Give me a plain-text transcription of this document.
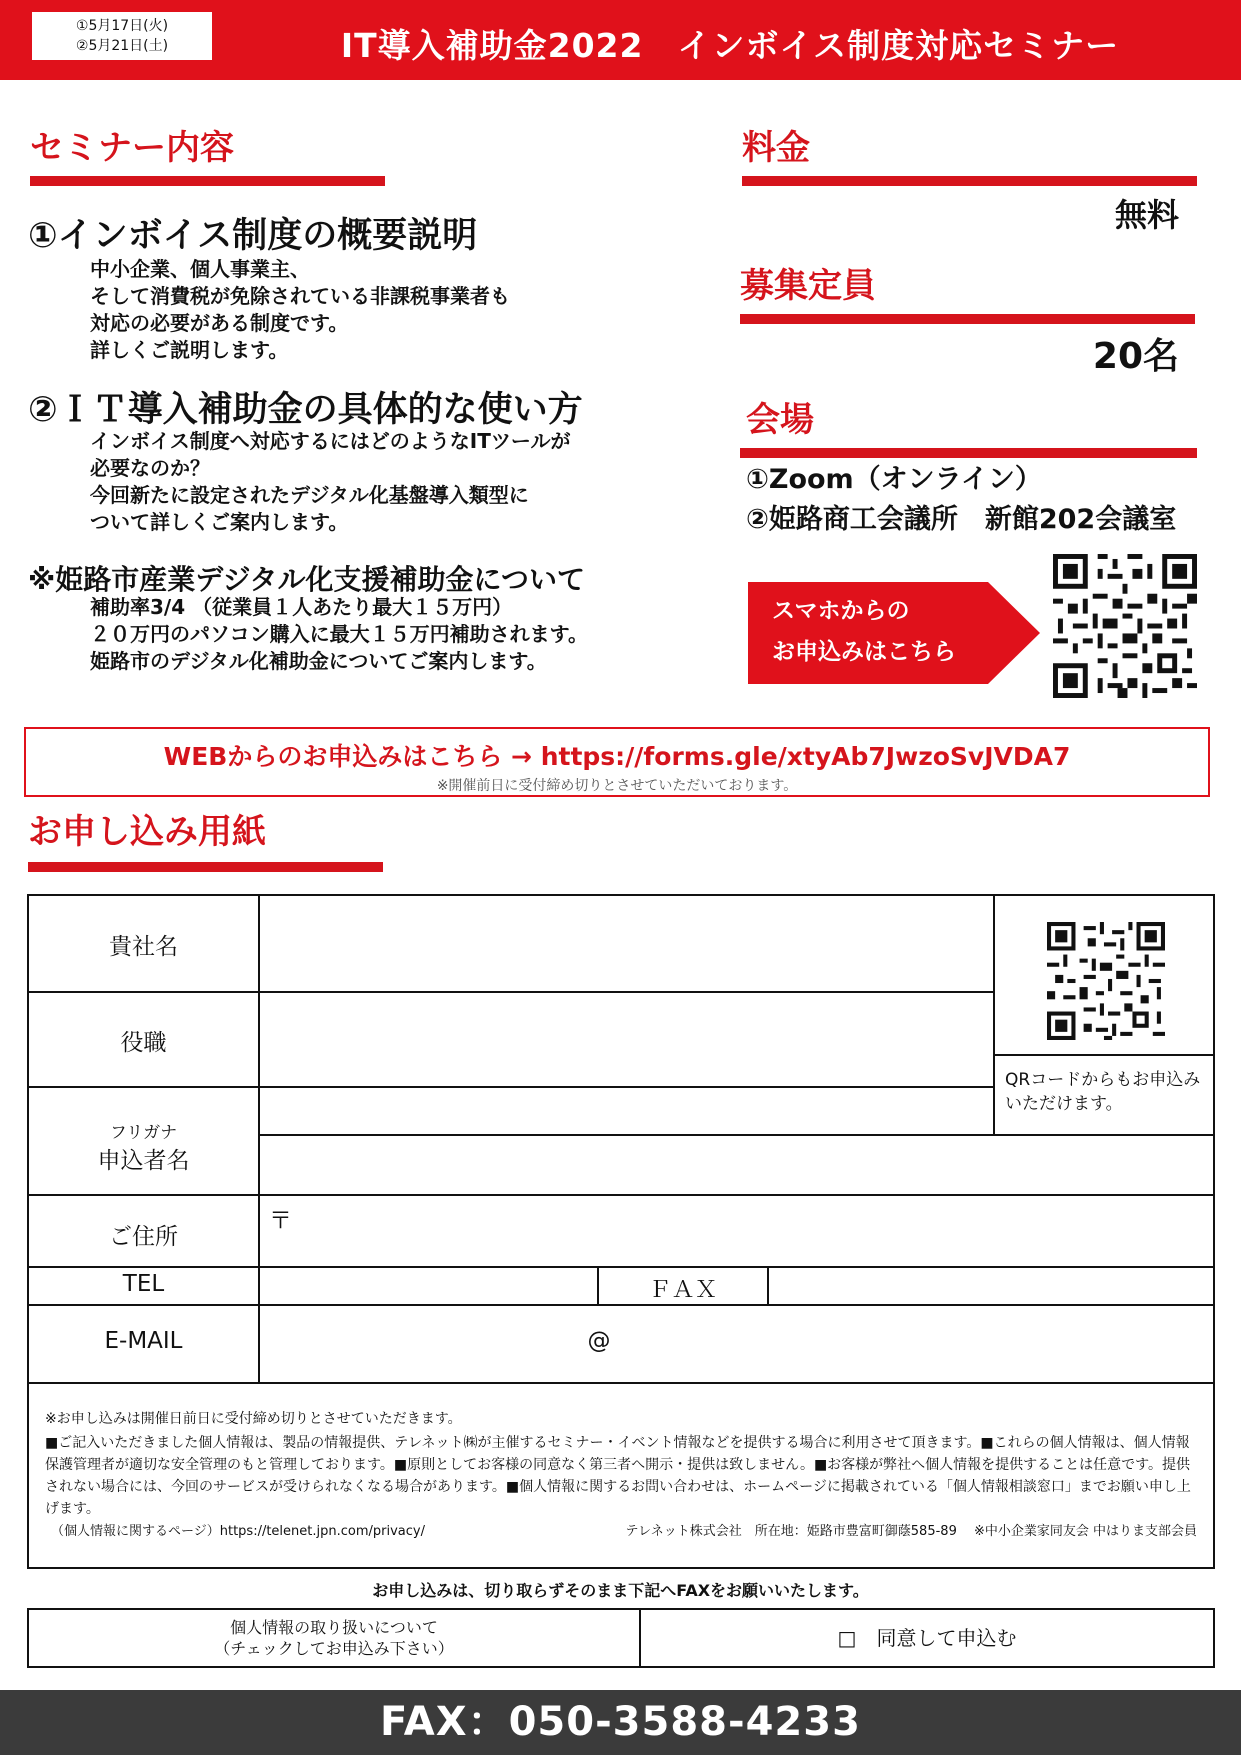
①5月17日(火)
②5月21日(土)	IT導入補助金2022　インボイス制度対応セミナー
セミナー内容
①インボイス制度の概要説明
中小企業、個人事業主、
そして消費税が免除されている非課税事業者も
対応の必要がある制度です。
詳しくご説明します。
②ＩＴ導入補助金の具体的な使い方
インボイス制度へ対応するにはどのようなITツールが
必要なのか？
今回新たに設定されたデジタル化基盤導入類型に
ついて詳しくご案内します。
※姫路市産業デジタル化支援補助金について
補助率3/4 （従業員１人あたり最大１５万円）
２０万円のパソコン購入に最大１５万円補助されます。
姫路市のデジタル化補助金についてご案内します。
料金
無料
募集定員
20名
会場
①Zoom（オンライン）
②姫路商工会議所　新館202会議室
スマホからの
お申込みはこちら
WEBからのお申込みはこちら → https://forms.gle/xtyAb7JwzoSvJVDA7
※開催前日に受付締め切りとさせていただいております。
お申し込み用紙
貴社名
役職
フリガナ
申込者名
ご住所
〒
TEL	ＦＡＸ
E-MAIL	@
QRコードからもお申込みいただけます。

※お申し込みは開催日前日に受付締め切りとさせていただきます。

■ご記入いただきました個人情報は、製品の情報提供、テレネット㈱が主催するセミナー・イベント情報などを提供する場合に利用させて頂きます。■これらの個人情報は、個人情報保護管理者が適切な安全管理のもと管理しております。■原則としてお客様の同意なく第三者へ開示・提供は致しません。■お客様が弊社へ個人情報を提供することは任意です。提供されない場合には、今回のサービスが受けられなくなる場合があります。■個人情報に関するお問い合わせは、ホームページに掲載されている「個人情報相談窓口」までお願い申し上げます。

（個人情報に関するページ）https://telenet.jpn.com/privacy/	テレネット株式会社　所在地：姫路市豊富町御蔭585-89　 ※中小企業家同友会 中はりま支部会員
お申し込みは、切り取らずそのまま下記へFAXをお願いいたします。
個人情報の取り扱いについて
（チェックしてお申込み下さい）	□　同意して申込む
FAX：050-3588-4233
